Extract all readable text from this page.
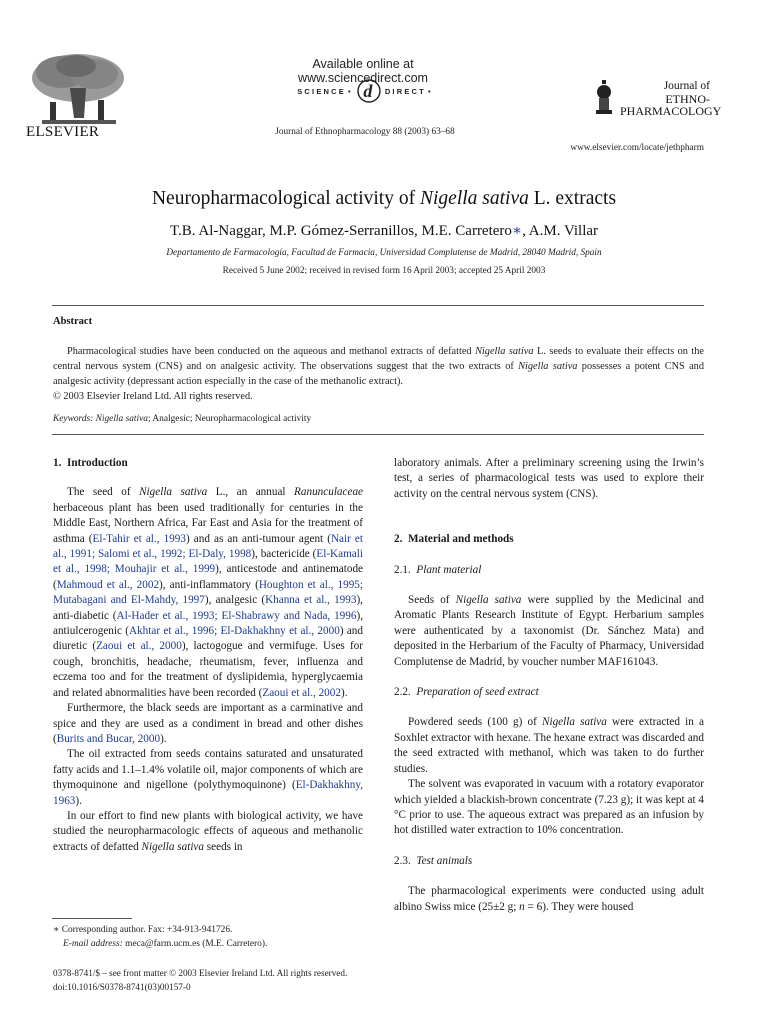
ELSEVIER
Available online at www.sciencedirect.com
SCIENCE • d DIRECT •
Journal of Ethnopharmacology 88 (2003) 63–68
Journal of
ETHNO-
PHARMACOLOGY
www.elsevier.com/locate/jethpharm
Neuropharmacological activity of Nigella sativa L. extracts
T.B. Al-Naggar, M.P. Gómez-Serranillos, M.E. Carretero∗, A.M. Villar
Departamento de Farmacología, Facultad de Farmacia, Universidad Complutense de Madrid, 28040 Madrid, Spain
Received 5 June 2002; received in revised form 16 April 2003; accepted 25 April 2003
Abstract

Pharmacological studies have been conducted on the aqueous and methanol extracts of defatted Nigella sativa L. seeds to evaluate their effects on the central nervous system (CNS) and on analgesic activity. The observations suggest that the two extracts of Nigella sativa possesses a potent CNS and analgesic activity (depressant action especially in the case of the methanolic extract).

© 2003 Elsevier Ireland Ltd. All rights reserved.
Keywords: Nigella sativa; Analgesic; Neuropharmacological activity

1. Introduction

The seed of Nigella sativa L., an annual Ranunculaceae herbaceous plant has been used traditionally for centuries in the Middle East, Northern Africa, Far East and Asia for the treatment of asthma (El-Tahir et al., 1993) and as an anti-tumour agent (Nair et al., 1991; Salomi et al., 1992; El-Daly, 1998), bactericide (El-Kamali et al., 1998; Mouhajir et al., 1999), anticestode and antinematode (Mahmoud et al., 2002), anti-inflammatory (Houghton et al., 1995; Mutabagani and El-Mahdy, 1997), analgesic (Khanna et al., 1993), anti-diabetic (Al-Hader et al., 1993; El-Shabrawy and Nada, 1996), antiulcerogenic (Akhtar et al., 1996; El-Dakhakhny et al., 2000) and diuretic (Zaoui et al., 2000), lactogogue and vermifuge. Uses for cough, bronchitis, headache, rheumatism, fever, influenza and eczema too and for the treatment of dyslipidemia, hyperglycaemia and related abnormalities have been recorded (Zaoui et al., 2002).

Furthermore, the black seeds are important as a carminative and spice and they are used as a condiment in bread and other dishes (Burits and Bucar, 2000).

The oil extracted from seeds contains saturated and unsaturated fatty acids and 1.1–1.4% volatile oil, major components of which are thymoquinone and nigellone (polythymoquinone) (El-Dakhakhny, 1963).

In our effort to find new plants with biological activity, we have studied the neuropharmacologic effects of aqueous and methanolic extracts of defatted Nigella sativa seeds in

laboratory animals. After a preliminary screening using the Irwin’s test, a series of pharmacological tests was used to explore their activity on the central nervous system (CNS).

2. Material and methods

2.1. Plant material

Seeds of Nigella sativa were supplied by the Medicinal and Aromatic Plants Research Institute of Egypt. Herbarium samples were authenticated by a taxonomist (Dr. Sánchez Mata) and deposited in the Herbarium of the Faculty of Pharmacy, Universidad Complutense de Madrid, by voucher number MAF161043.

2.2. Preparation of seed extract

Powdered seeds (100 g) of Nigella sativa were extracted in a Soxhlet extractor with hexane. The hexane extract was discarded and the seed extracted with methanol, which was taken to do further studies.

The solvent was evaporated in vacuum with a rotatory evaporator which yielded a blackish-brown concentrate (7.23 g); it was kept at 4 °C prior to use. The aqueous extract was prepared as an infusion by hot distilled water extraction to 10% concentration.

2.3. Test animals

The pharmacological experiments were conducted using adult albino Swiss mice (25±2 g; n = 6). They were housed

∗ Corresponding author. Fax: +34-913-941726.
E-mail address: meca@farm.ucm.es (M.E. Carretero).
0378-8741/$ – see front matter © 2003 Elsevier Ireland Ltd. All rights reserved.
doi:10.1016/S0378-8741(03)00157-0
